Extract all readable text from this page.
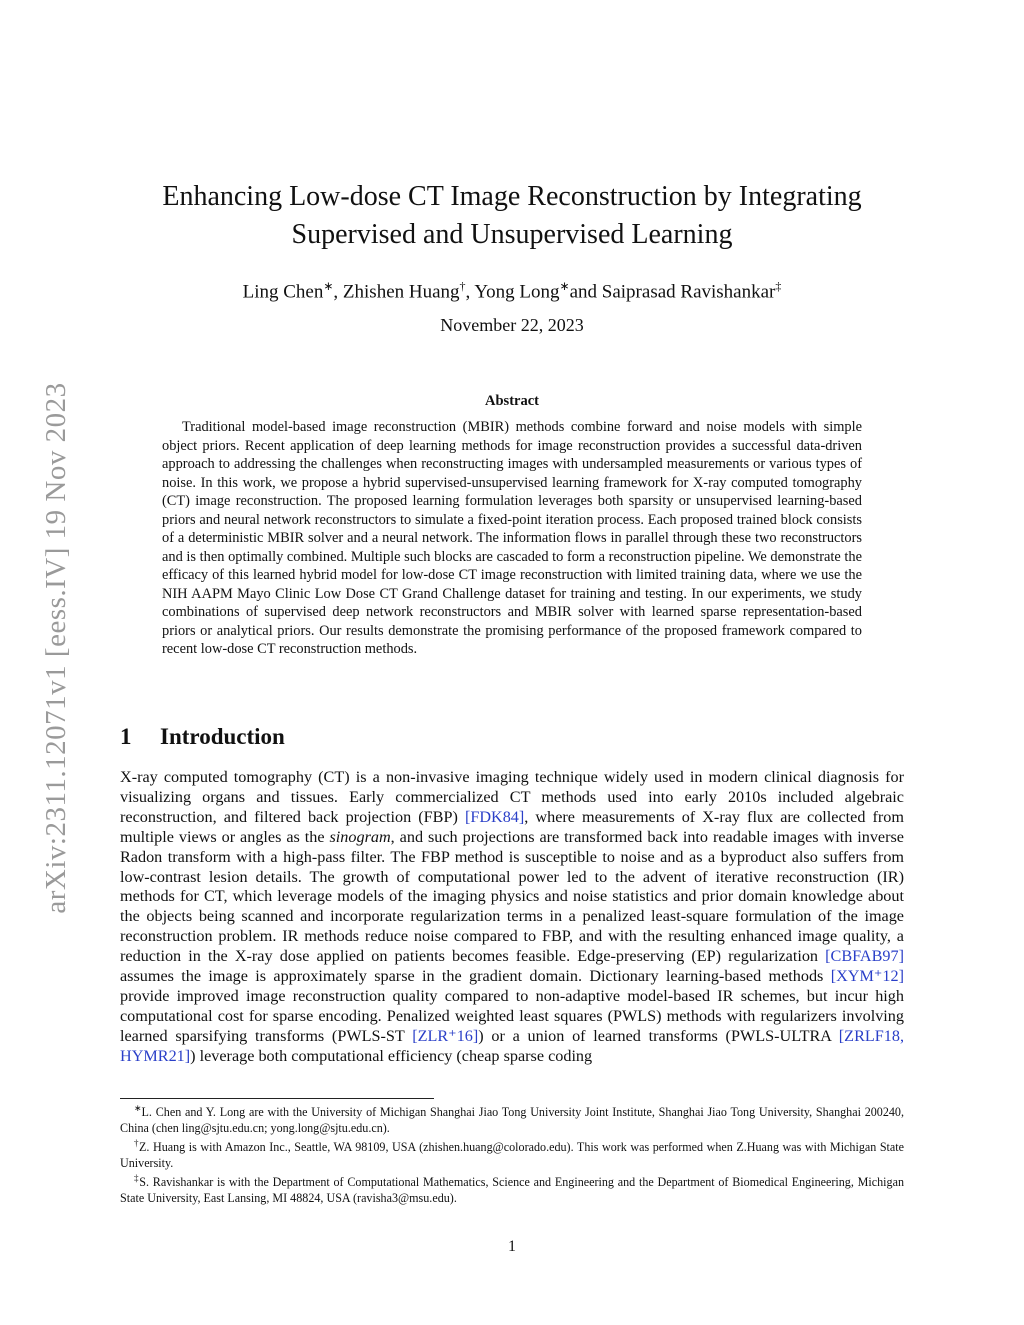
arXiv:2311.12071v1 [eess.IV] 19 Nov 2023
Enhancing Low-dose CT Image Reconstruction by Integrating
Supervised and Unsupervised Learning
Ling Chen∗, Zhishen Huang†, Yong Long∗and Saiprasad Ravishankar‡
November 22, 2023
Abstract

Traditional model-based image reconstruction (MBIR) methods combine forward and noise models with simple object priors. Recent application of deep learning methods for image reconstruction provides a successful data-driven approach to addressing the challenges when reconstructing images with undersampled measurements or various types of noise. In this work, we propose a hybrid supervised-unsupervised learning framework for X-ray computed tomography (CT) image reconstruction. The proposed learning formulation leverages both sparsity or unsupervised learning-based priors and neural network reconstructors to simulate a fixed-point iteration process. Each proposed trained block consists of a deterministic MBIR solver and a neural network. The information flows in parallel through these two reconstructors and is then optimally combined. Multiple such blocks are cascaded to form a reconstruction pipeline. We demonstrate the efficacy of this learned hybrid model for low-dose CT image reconstruction with limited training data, where we use the NIH AAPM Mayo Clinic Low Dose CT Grand Challenge dataset for training and testing. In our experiments, we study combinations of supervised deep network reconstructors and MBIR solver with learned sparse representation-based priors or analytical priors. Our results demonstrate the promising performance of the proposed framework compared to recent low-dose CT reconstruction methods.

1 Introduction

X-ray computed tomography (CT) is a non-invasive imaging technique widely used in modern clinical diagnosis for visualizing organs and tissues. Early commercialized CT methods used into early 2010s included algebraic reconstruction, and filtered back projection (FBP) [FDK84], where measurements of X-ray flux are collected from multiple views or angles as the sinogram, and such projections are transformed back into readable images with inverse Radon transform with a high-pass filter. The FBP method is susceptible to noise and as a byproduct also suffers from low-contrast lesion details. The growth of computational power led to the advent of iterative reconstruction (IR) methods for CT, which leverage models of the imaging physics and noise statistics and prior domain knowledge about the objects being scanned and incorporate regularization terms in a penalized least-square formulation of the image reconstruction problem. IR methods reduce noise compared to FBP, and with the resulting enhanced image quality, a reduction in the X-ray dose applied on patients becomes feasible. Edge-preserving (EP) regularization [CBFAB97] assumes the image is approximately sparse in the gradient domain. Dictionary learning-based methods [XYM⁺12] provide improved image reconstruction quality compared to non-adaptive model-based IR schemes, but incur high computational cost for sparse encoding. Penalized weighted least squares (PWLS) methods with regularizers involving learned sparsifying transforms (PWLS-ST [ZLR⁺16]) or a union of learned transforms (PWLS-ULTRA [ZRLF18, HYMR21]) leverage both computational efficiency (cheap sparse coding

∗L. Chen and Y. Long are with the University of Michigan Shanghai Jiao Tong University Joint Institute, Shanghai Jiao Tong University, Shanghai 200240, China (chen ling@sjtu.edu.cn; yong.long@sjtu.edu.cn).

†Z. Huang is with Amazon Inc., Seattle, WA 98109, USA (zhishen.huang@colorado.edu). This work was performed when Z.Huang was with Michigan State University.

‡S. Ravishankar is with the Department of Computational Mathematics, Science and Engineering and the Department of Biomedical Engineering, Michigan State University, East Lansing, MI 48824, USA (ravisha3@msu.edu).

1
